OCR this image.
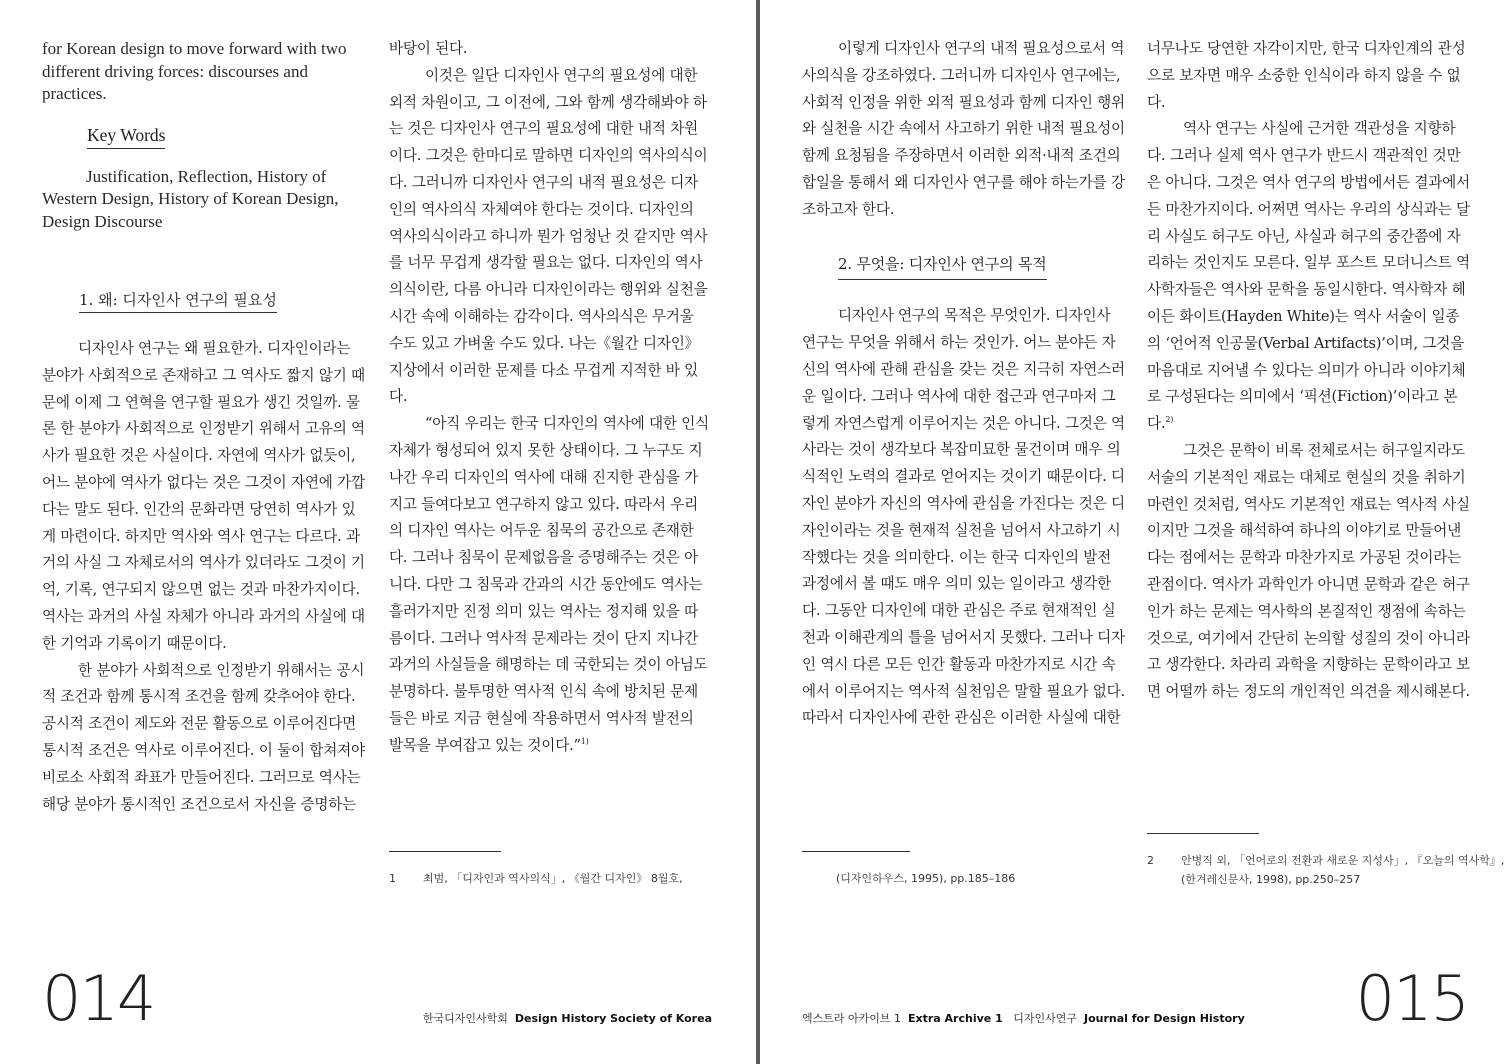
for Korean design to move forward with two different driving forces: discourses and practices.

Key Words

Justification, Reflection, History of Western Design, History of Korean Design, Design Discourse

1. 왜: 디자인사 연구의 필요성

디자인사 연구는 왜 필요한가. 디자인이라는 분야가 사회적으로 존재하고 그 역사도 짧지 않기 때문에 이제 그 연혁을 연구할 필요가 생긴 것일까. 물론 한 분야가 사회적으로 인정받기 위해서 고유의 역사가 필요한 것은 사실이다. 자연에 역사가 없듯이, 어느 분야에 역사가 없다는 것은 그것이 자연에 가깝다는 말도 된다. 인간의 문화라면 당연히 역사가 있게 마련이다. 하지만 역사와 역사 연구는 다르다. 과거의 사실 그 자체로서의 역사가 있더라도 그것이 기억, 기록, 연구되지 않으면 없는 것과 마찬가지이다. 역사는 과거의 사실 자체가 아니라 과거의 사실에 대한 기억과 기록이기 때문이다.

한 분야가 사회적으로 인정받기 위해서는 공시적 조건과 함께 통시적 조건을 함께 갖추어야 한다. 공시적 조건이 제도와 전문 활동으로 이루어진다면 통시적 조건은 역사로 이루어진다. 이 둘이 합쳐져야 비로소 사회적 좌표가 만들어진다. 그러므로 역사는 해당 분야가 통시적인 조건으로서 자신을 증명하는

바탕이 된다.

이것은 일단 디자인사 연구의 필요성에 대한 외적 차원이고, 그 이전에, 그와 함께 생각해봐야 하는 것은 디자인사 연구의 필요성에 대한 내적 차원이다. 그것은 한마디로 말하면 디자인의 역사의식이다. 그러니까 디자인사 연구의 내적 필요성은 디자인의 역사의식 자체여야 한다는 것이다. 디자인의 역사의식이라고 하니까 뭔가 엄청난 것 같지만 역사를 너무 무겁게 생각할 필요는 없다. 디자인의 역사의식이란, 다름 아니라 디자인이라는 행위와 실천을 시간 속에 이해하는 감각이다. 역사의식은 무거울 수도 있고 가벼울 수도 있다. 나는《월간 디자인》지상에서 이러한 문제를 다소 무겁게 지적한 바 있다.

“아직 우리는 한국 디자인의 역사에 대한 인식 자체가 형성되어 있지 못한 상태이다. 그 누구도 지나간 우리 디자인의 역사에 대해 진지한 관심을 가지고 들여다보고 연구하지 않고 있다. 따라서 우리의 디자인 역사는 어두운 침묵의 공간으로 존재한다. 그러나 침묵이 문제없음을 증명해주는 것은 아니다. 다만 그 침묵과 간과의 시간 동안에도 역사는 흘러가지만 진정 의미 있는 역사는 정지해 있을 따름이다. 그러나 역사적 문제라는 것이 단지 지나간 과거의 사실들을 해명하는 데 국한되는 것이 아님도 분명하다. 불투명한 역사적 인식 속에 방치된 문제들은 바로 지금 현실에 작용하면서 역사적 발전의 발목을 부여잡고 있는 것이다.”$^{1)}$

1 최범, 「디자인과 역사의식」, 《월간 디자인》 8월호,
014	한국디자인사학회 Design History Society of Korea

이렇게 디자인사 연구의 내적 필요성으로서 역사의식을 강조하였다. 그러니까 디자인사 연구에는, 사회적 인정을 위한 외적 필요성과 함께 디자인 행위와 실천을 시간 속에서 사고하기 위한 내적 필요성이 함께 요청됨을 주장하면서 이러한 외적·내적 조건의 합일을 통해서 왜 디자인사 연구를 해야 하는가를 강조하고자 한다.

2. 무엇을: 디자인사 연구의 목적

디자인사 연구의 목적은 무엇인가. 디자인사 연구는 무엇을 위해서 하는 것인가. 어느 분야든 자신의 역사에 관해 관심을 갖는 것은 지극히 자연스러운 일이다. 그러나 역사에 대한 접근과 연구마저 그렇게 자연스럽게 이루어지는 것은 아니다. 그것은 역사라는 것이 생각보다 복잡미묘한 물건이며 매우 의식적인 노력의 결과로 얻어지는 것이기 때문이다. 디자인 분야가 자신의 역사에 관심을 가진다는 것은 디자인이라는 것을 현재적 실천을 넘어서 사고하기 시작했다는 것을 의미한다. 이는 한국 디자인의 발전 과정에서 볼 때도 매우 의미 있는 일이라고 생각한다. 그동안 디자인에 대한 관심은 주로 현재적인 실천과 이해관계의 틀을 넘어서지 못했다. 그러나 디자인 역시 다른 모든 인간 활동과 마찬가지로 시간 속에서 이루어지는 역사적 실천임은 말할 필요가 없다. 따라서 디자인사에 관한 관심은 이러한 사실에 대한

(디자인하우스, 1995), pp.185–186

너무나도 당연한 자각이지만, 한국 디자인계의 관성으로 보자면 매우 소중한 인식이라 하지 않을 수 없다.

역사 연구는 사실에 근거한 객관성을 지향하다. 그러나 실제 역사 연구가 반드시 객관적인 것만은 아니다. 그것은 역사 연구의 방법에서든 결과에서든 마찬가지이다. 어쩌면 역사는 우리의 상식과는 달리 사실도 허구도 아닌, 사실과 허구의 중간쯤에 자리하는 것인지도 모른다. 일부 포스트 모더니스트 역사학자들은 역사와 문학을 동일시한다. 역사학자 헤이든 화이트(Hayden White)는 역사 서술이 일종의 ‘언어적 인공물(Verbal Artifacts)’이며, 그것을 마음대로 지어낼 수 있다는 의미가 아니라 이야기체로 구성된다는 의미에서 ‘픽션(Fiction)’이라고 본다.$^{2)}$

그것은 문학이 비록 전체로서는 허구일지라도 서술의 기본적인 재료는 대체로 현실의 것을 취하기 마련인 것처럼, 역사도 기본적인 재료는 역사적 사실이지만 그것을 해석하여 하나의 이야기로 만들어낸다는 점에서는 문학과 마찬가지로 가공된 것이라는 관점이다. 역사가 과학인가 아니면 문학과 같은 허구인가 하는 문제는 역사학의 본질적인 쟁점에 속하는 것으로, 여기에서 간단히 논의할 성질의 것이 아니라고 생각한다. 차라리 과학을 지향하는 문학이라고 보면 어떨까 하는 정도의 개인적인 의견을 제시해본다.

2 안병직 외, 「언어로의 전환과 새로운 지성사」, 『오늘의 역사학』,
(한겨레신문사, 1998), pp.250–257
엑스트라 아카이브 1 Extra Archive 1 디자인사연구 Journal for Design History 015
